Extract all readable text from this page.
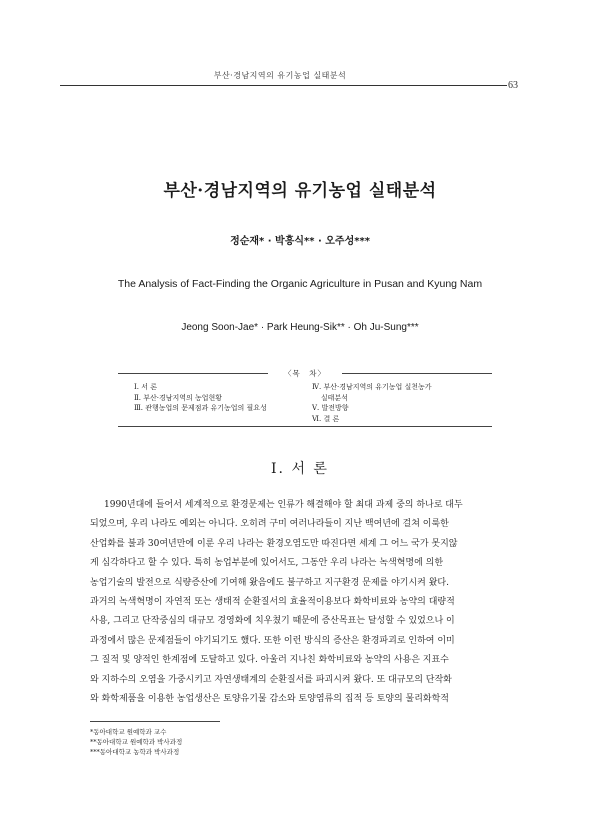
부산·경남지역의 유기농업 실태분석
63
부산·경남지역의 유기농업 실태분석
정순재* · 박흥식** · 오주성***
The Analysis of Fact-Finding the Organic Agriculture in Pusan and Kyung Nam
Jeong Soon-Jae* · Park Heung-Sik** · Oh Ju-Sung***
〈목　차〉
Ⅰ. 서 론
Ⅱ. 부산·경남지역의 농업현황
Ⅲ. 관행농업의 문제점과 유기농업의 필요성
Ⅳ. 부산·경남지역의 유기농업 실천농가
실태분석
Ⅴ. 발전방향
Ⅵ. 결 론
Ⅰ. 서 론
1990년대에 들어서 세계적으로 환경문제는 인류가 해결해야 할 최대 과제 중의 하나로 대두
되었으며, 우리 나라도 예외는 아니다. 오히려 구미 여러나라들이 지난 백여년에 걸쳐 이룩한
산업화를 불과 30여년만에 이룬 우리 나라는 환경오염도만 따진다면 세계 그 어느 국가 못지않
게 심각하다고 할 수 있다. 특히 농업부분에 있어서도, 그동안 우리 나라는 녹색혁명에 의한
농업기술의 발전으로 식량증산에 기여해 왔음에도 불구하고 지구환경 문제를 야기시켜 왔다.
과거의 녹색혁명이 자연적 또는 생태적 순환질서의 효율적이용보다 화학비료와 농약의 대량적
사용, 그리고 단작중심의 대규모 경영화에 치우쳤기 때문에 증산목표는 달성할 수 있었으나 이
과정에서 많은 문제점들이 야기되기도 했다. 또한 이런 방식의 증산은 환경파괴로 인하여 이미
그 질적 및 양적인 한계점에 도달하고 있다. 아울러 지나친 화학비료와 농약의 사용은 지표수
와 지하수의 오염을 가중시키고 자연생태계의 순환질서를 파괴시켜 왔다. 또 대규모의 단작화
와 화학제품을 이용한 농업생산은 토양유기물 감소와 토양염류의 집적 등 토양의 물리화학적
*동아대학교 원예학과 교수
**동아대학교 원예학과 박사과정
***동아대학교 농학과 박사과정
